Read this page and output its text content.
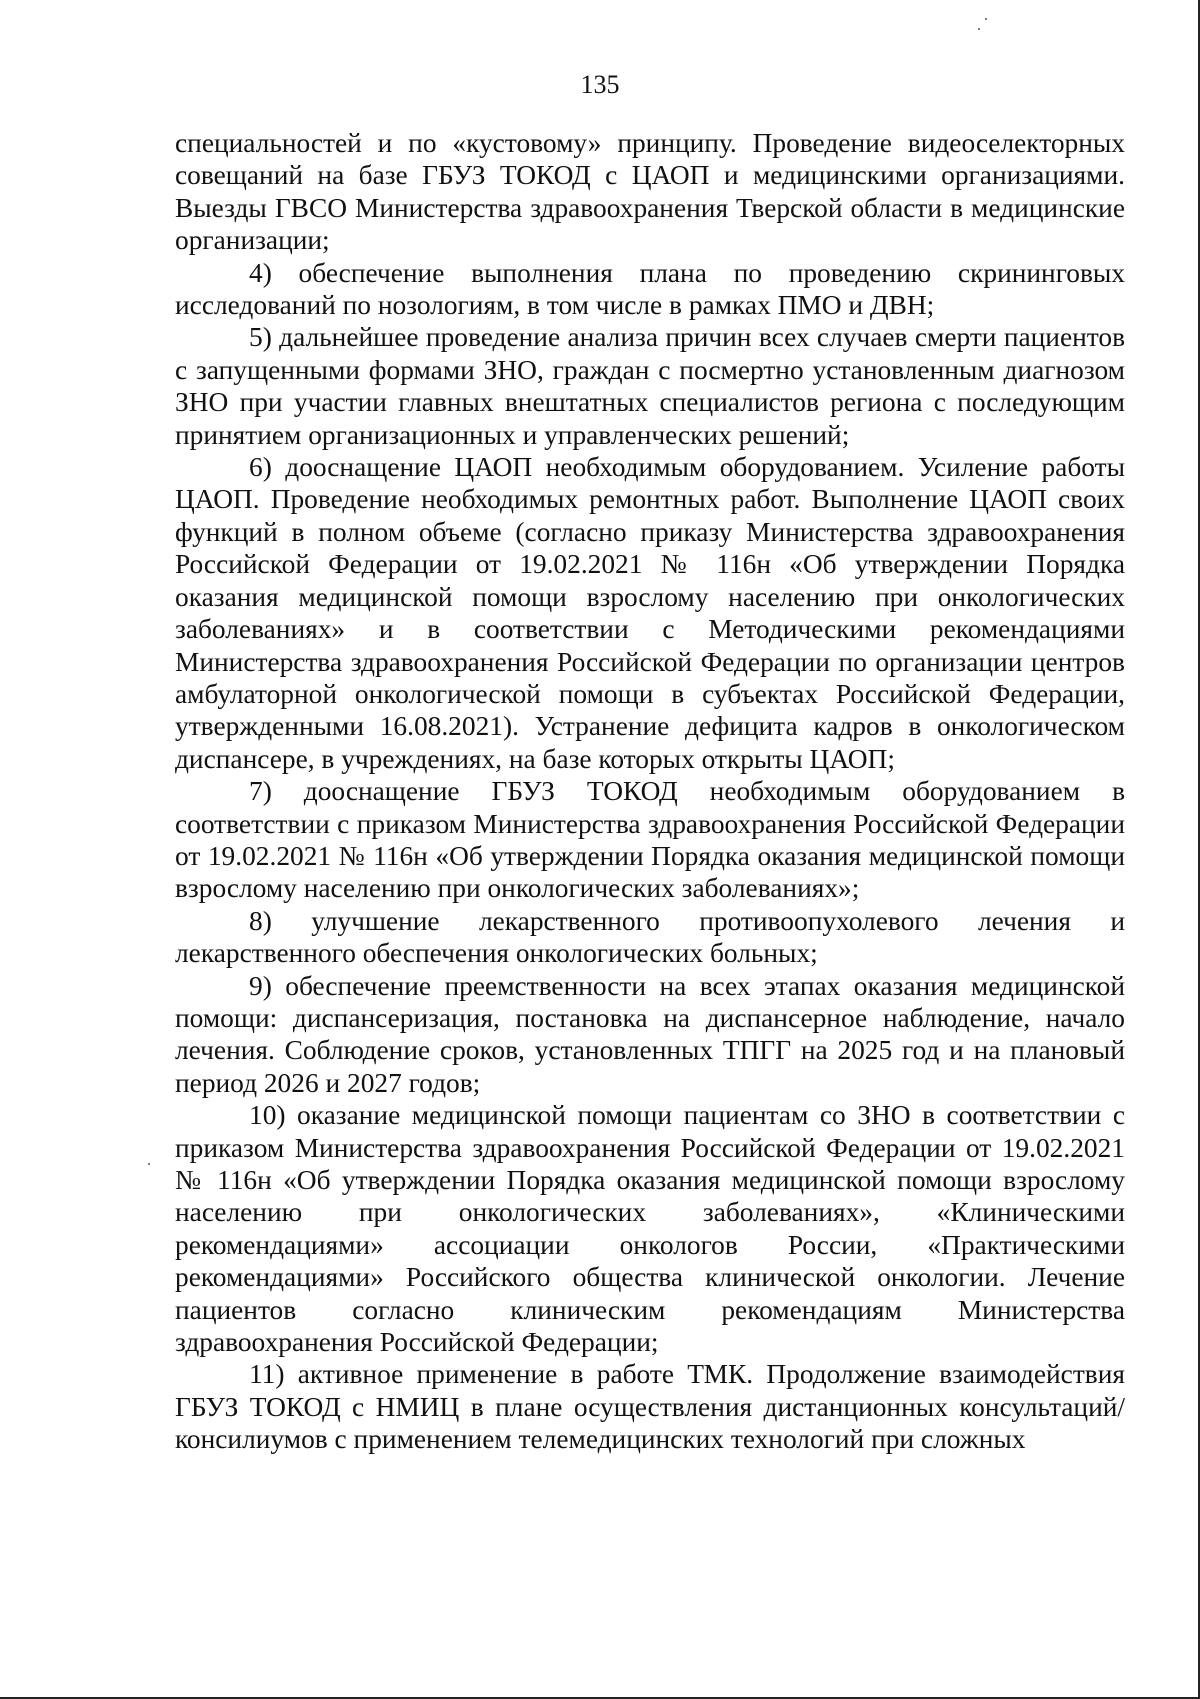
135

специальностей и по «кустовому» принципу. Проведение видеоселекторных совещаний на базе ГБУЗ ТОКОД с ЦАОП и медицинскими организациями. Выезды ГВСО Министерства здравоохранения Тверской области в медицинские организации;

4) обеспечение выполнения плана по проведению скрининговых исследований по нозологиям, в том числе в рамках ПМО и ДВН;

5) дальнейшее проведение анализа причин всех случаев смерти пациентов с запущенными формами ЗНО, граждан с посмертно установленным диагнозом ЗНО при участии главных внештатных специалистов региона с последующим принятием организационных и управленческих решений;

6) дооснащение ЦАОП необходимым оборудованием. Усиление работы ЦАОП. Проведение необходимых ремонтных работ. Выполнение ЦАОП своих функций в полном объеме (согласно приказу Министерства здравоохранения Российской Федерации от 19.02.2021 № 116н «Об утверждении Порядка оказания медицинской помощи взрослому населению при онкологических заболеваниях» и в соответствии с Методическими рекомендациями Министерства здравоохранения Российской Федерации по организации центров амбулаторной онкологической помощи в субъектах Российской Федерации, утвержденными 16.08.2021). Устранение дефицита кадров в онкологическом диспансере, в учреждениях, на базе которых открыты ЦАОП;

7) дооснащение ГБУЗ ТОКОД необходимым оборудованием в соответствии с приказом Министерства здравоохранения Российской Федерации от 19.02.2021 № 116н «Об утверждении Порядка оказания медицинской помощи взрослому населению при онкологических заболеваниях»;

8) улучшение лекарственного противоопухолевого лечения и лекарственного обеспечения онкологических больных;

9) обеспечение преемственности на всех этапах оказания медицинской помощи: диспансеризация, постановка на диспансерное наблюдение, начало лечения. Соблюдение сроков, установленных ТПГГ на 2025 год и на плановый период 2026 и 2027 годов;

10) оказание медицинской помощи пациентам со ЗНО в соответствии с приказом Министерства здравоохранения Российской Федерации от 19.02.2021 № 116н «Об утверждении Порядка оказания медицинской помощи взрослому населению при онкологических заболеваниях», «Клиническими рекомендациями» ассоциации онкологов России, «Практическими рекомендациями» Российского общества клинической онкологии. Лечение пациентов согласно клиническим рекомендациям Министерства здравоохранения Российской Федерации;

11) активное применение в работе ТМК. Продолжение взаимодействия ГБУЗ ТОКОД с НМИЦ в плане осуществления дистанционных консультаций/ консилиумов с применением телемедицинских технологий при сложных
